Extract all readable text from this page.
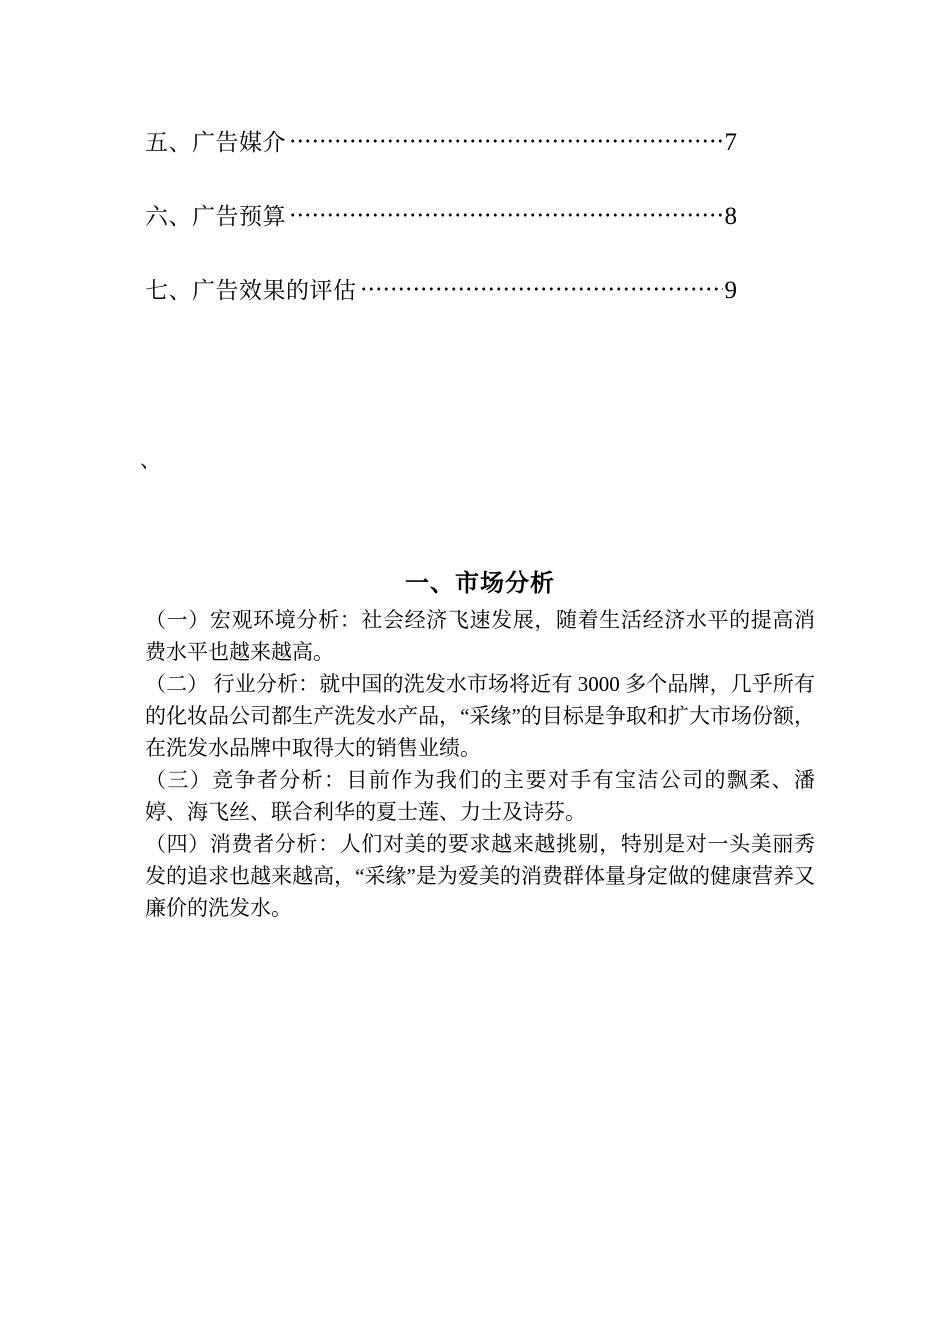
五、广告媒介	7
六、广告预算	8
七、广告效果的评估	9
、
一、市场分析

（一）宏观环境分析：社会经济飞速发展，随着生活经济水平的提高消费水平也越来越高。

（二） 行业分析：就中国的洗发水市场将近有 3000 多个品牌，几乎所有的化妆品公司都生产洗发水产品，“采缘”的目标是争取和扩大市场份额，在洗发水品牌中取得大的销售业绩。

（三）竞争者分析：目前作为我们的主要对手有宝洁公司的飘柔、潘婷、海飞丝、联合利华的夏士莲、力士及诗芬。

（四）消费者分析：人们对美的要求越来越挑剔，特别是对一头美丽秀发的追求也越来越高，“采缘”是为爱美的消费群体量身定做的健康营养又廉价的洗发水。
